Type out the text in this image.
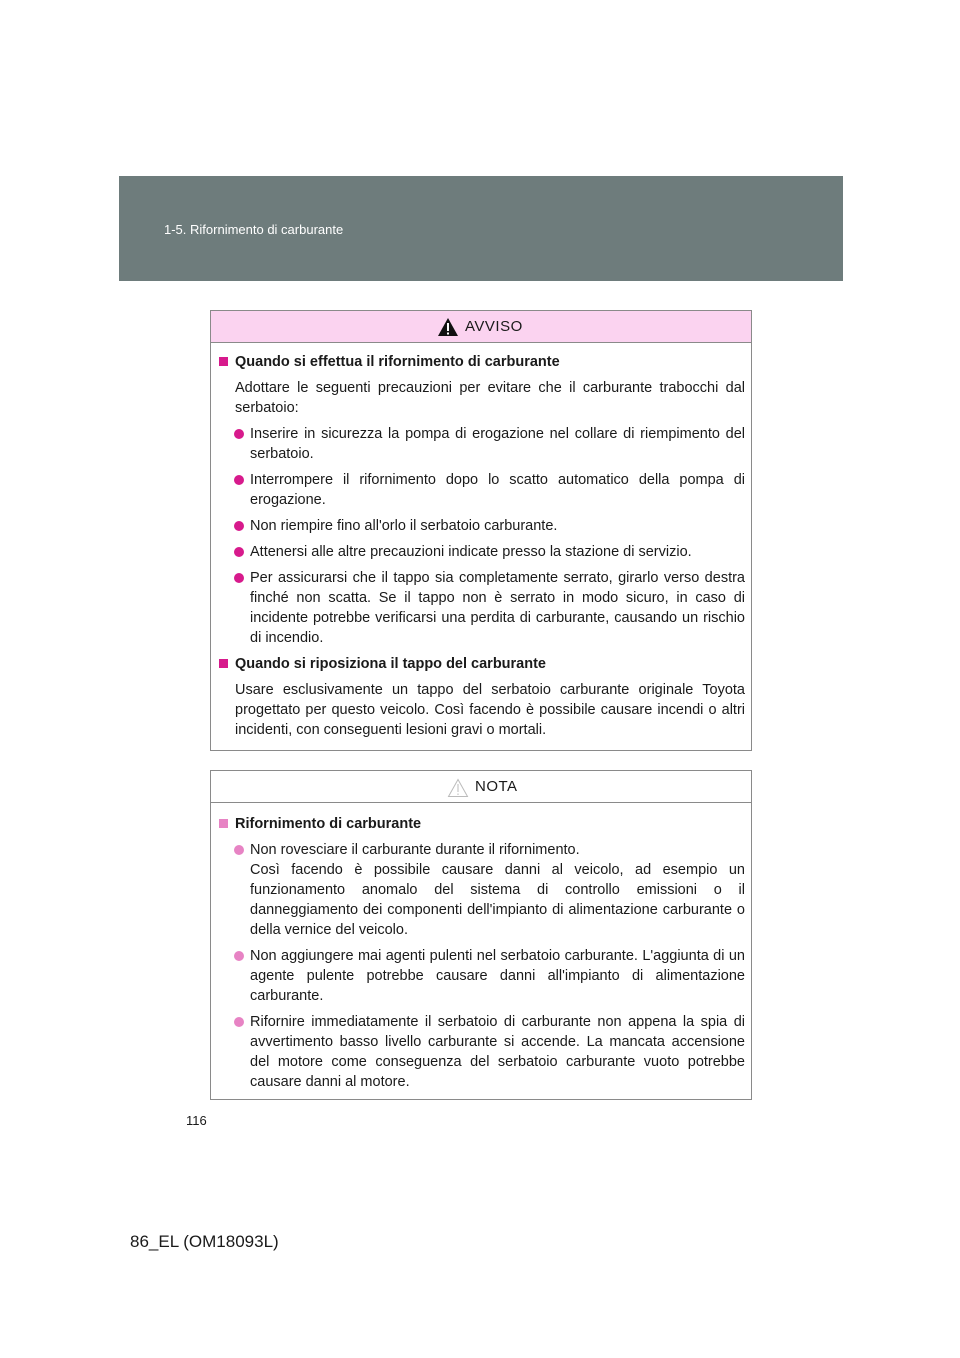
1-5. Rifornimento di carburante
AVVISO
Quando si effettua il rifornimento di carburante
Adottare le seguenti precauzioni per evitare che il carburante trabocchi dal serbatoio:
Inserire in sicurezza la pompa di erogazione nel collare di riempimento del serbatoio.
Interrompere il rifornimento dopo lo scatto automatico della pompa di erogazione.
Non riempire fino all'orlo il serbatoio carburante.
Attenersi alle altre precauzioni indicate presso la stazione di servizio.
Per assicurarsi che il tappo sia completamente serrato, girarlo verso destra finché non scatta. Se il tappo non è serrato in modo sicuro, in caso di incidente potrebbe verificarsi una perdita di carburante, causando un rischio di incendio.
Quando si riposiziona il tappo del carburante
Usare esclusivamente un tappo del serbatoio carburante originale Toyota progettato per questo veicolo. Così facendo è possibile causare incendi o altri incidenti, con conseguenti lesioni gravi o mortali.
NOTA
Rifornimento di carburante
Non rovesciare il carburante durante il rifornimento.
Così facendo è possibile causare danni al veicolo, ad esempio un funzionamento anomalo del sistema di controllo emissioni o il danneggiamento dei componenti dell'impianto di alimentazione carburante o della vernice del veicolo.
Non aggiungere mai agenti pulenti nel serbatoio carburante. L'aggiunta di un agente pulente potrebbe causare danni all'impianto di alimentazione carburante.
Rifornire immediatamente il serbatoio di carburante non appena la spia di avvertimento basso livello carburante si accende. La mancata accensione del motore come conseguenza del serbatoio carburante vuoto potrebbe causare danni al motore.
116
86_EL (OM18093L)
